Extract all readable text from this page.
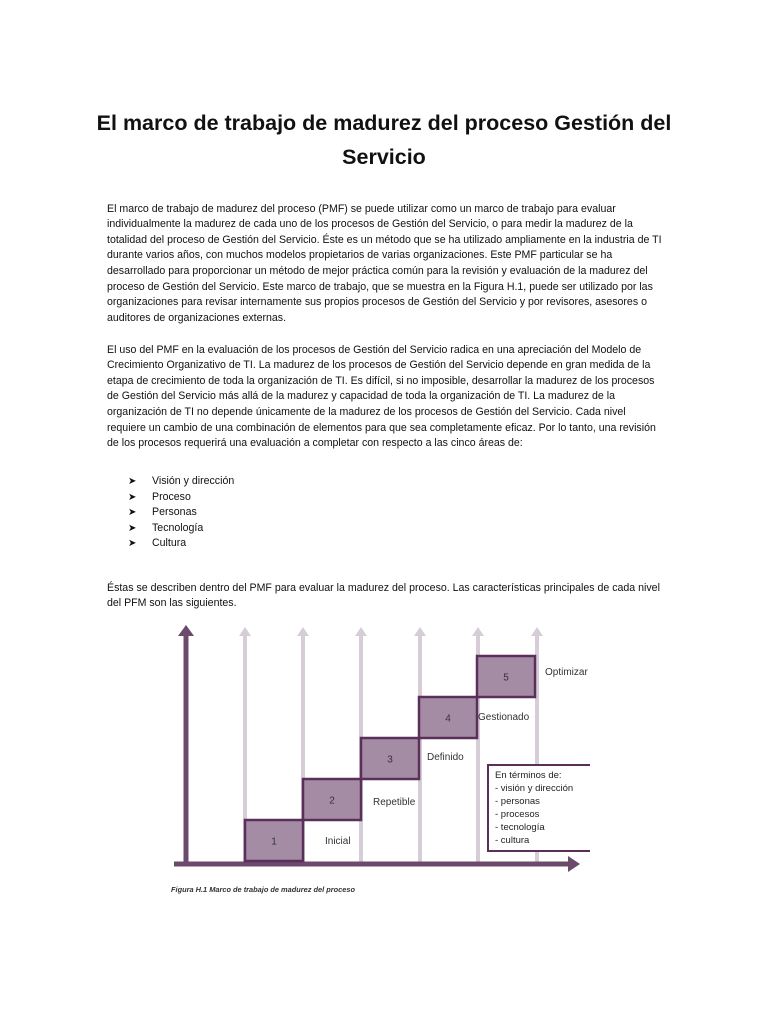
El marco de trabajo de madurez del proceso Gestión del Servicio

El marco de trabajo de madurez del proceso (PMF) se puede utilizar como un marco de trabajo para evaluar individualmente la madurez de cada uno de los procesos de Gestión del Servicio, o para medir la madurez de la totalidad del proceso de Gestión del Servicio. Éste es un método que se ha utilizado ampliamente en la industria de TI durante varios años, con muchos modelos propietarios de varias organizaciones. Este PMF particular se ha desarrollado para proporcionar un método de mejor práctica común para la revisión y evaluación de la madurez del proceso de Gestión del Servicio. Este marco de trabajo, que se muestra en la Figura H.1, puede ser utilizado por las organizaciones para revisar internamente sus propios procesos de Gestión del Servicio y por revisores, asesores o auditores de organizaciones externas.

El uso del PMF en la evaluación de los procesos de Gestión del Servicio radica en una apreciación del Modelo de Crecimiento Organizativo de TI. La madurez de los procesos de Gestión del Servicio depende en gran medida de la etapa de crecimiento de toda la organización de TI. Es difícil, si no imposible, desarrollar la madurez de los procesos de Gestión del Servicio más allá de la madurez y capacidad de toda la organización de TI. La madurez de la organización de TI no depende únicamente de la madurez de los procesos de Gestión del Servicio. Cada nivel requiere un cambio de una combinación de elementos para que sea completamente eficaz. Por lo tanto, una revisión de los procesos requerirá una evaluación a completar con respecto a las cinco áreas de:

➤ Visión y dirección
➤ Proceso
➤ Personas
➤ Tecnología
➤ Cultura

Éstas se describen dentro del PMF para evaluar la madurez del proceso. Las características principales de cada nivel del PFM son las siguientes.

1	Inicial
2	Repetible
3	Definido
4	Gestionado
5	Optimizar
En términos de: - visión y dirección - personas - procesos - tecnología - cultura
Figura H.1 Marco de trabajo de madurez del proceso
